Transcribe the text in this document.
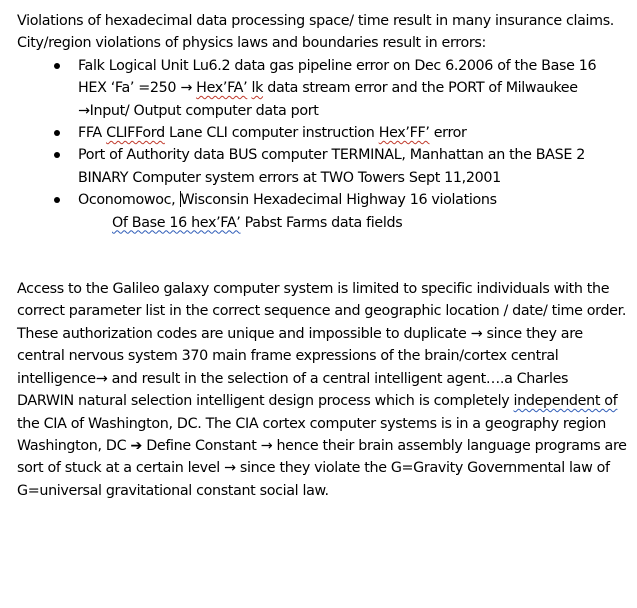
Violations of hexadecimal data processing space/ time result in many insurance claims. City/region violations of physics laws and boundaries result in errors:

Falk Logical Unit Lu6.2 data gas pipeline error on Dec 6.2006 of the Base 16 HEX ‘Fa’ =250 → Hex’FA’ lk data stream error and the PORT of Milwaukee →Input/ Output computer data port
FFA CLIFFord Lane CLI computer instruction Hex’FF’ error
Port of Authority data BUS computer TERMINAL, Manhattan an the BASE 2 BINARY Computer system errors at TWO Towers Sept 11,2001
Oconomowoc, Wisconsin Hexadecimal Highway 16 violations
Of Base 16 hex’FA’ Pabst Farms data fields

Access to the Galileo galaxy computer system is limited to specific individuals with the correct parameter list in the correct sequence and geographic location / date/ time order. These authorization codes are unique and impossible to duplicate → since they are central nervous system 370 main frame expressions of the brain/cortex central intelligence→ and result in the selection of a central intelligent agent….a Charles DARWIN natural selection intelligent design process which is completely independent of the CIA of Washington, DC. The CIA cortex computer systems is in a geography region Washington, DC ➔ Define Constant → hence their brain assembly language programs are sort of stuck at a certain level → since they violate the G=Gravity Governmental law of G=universal gravitational constant social law.
